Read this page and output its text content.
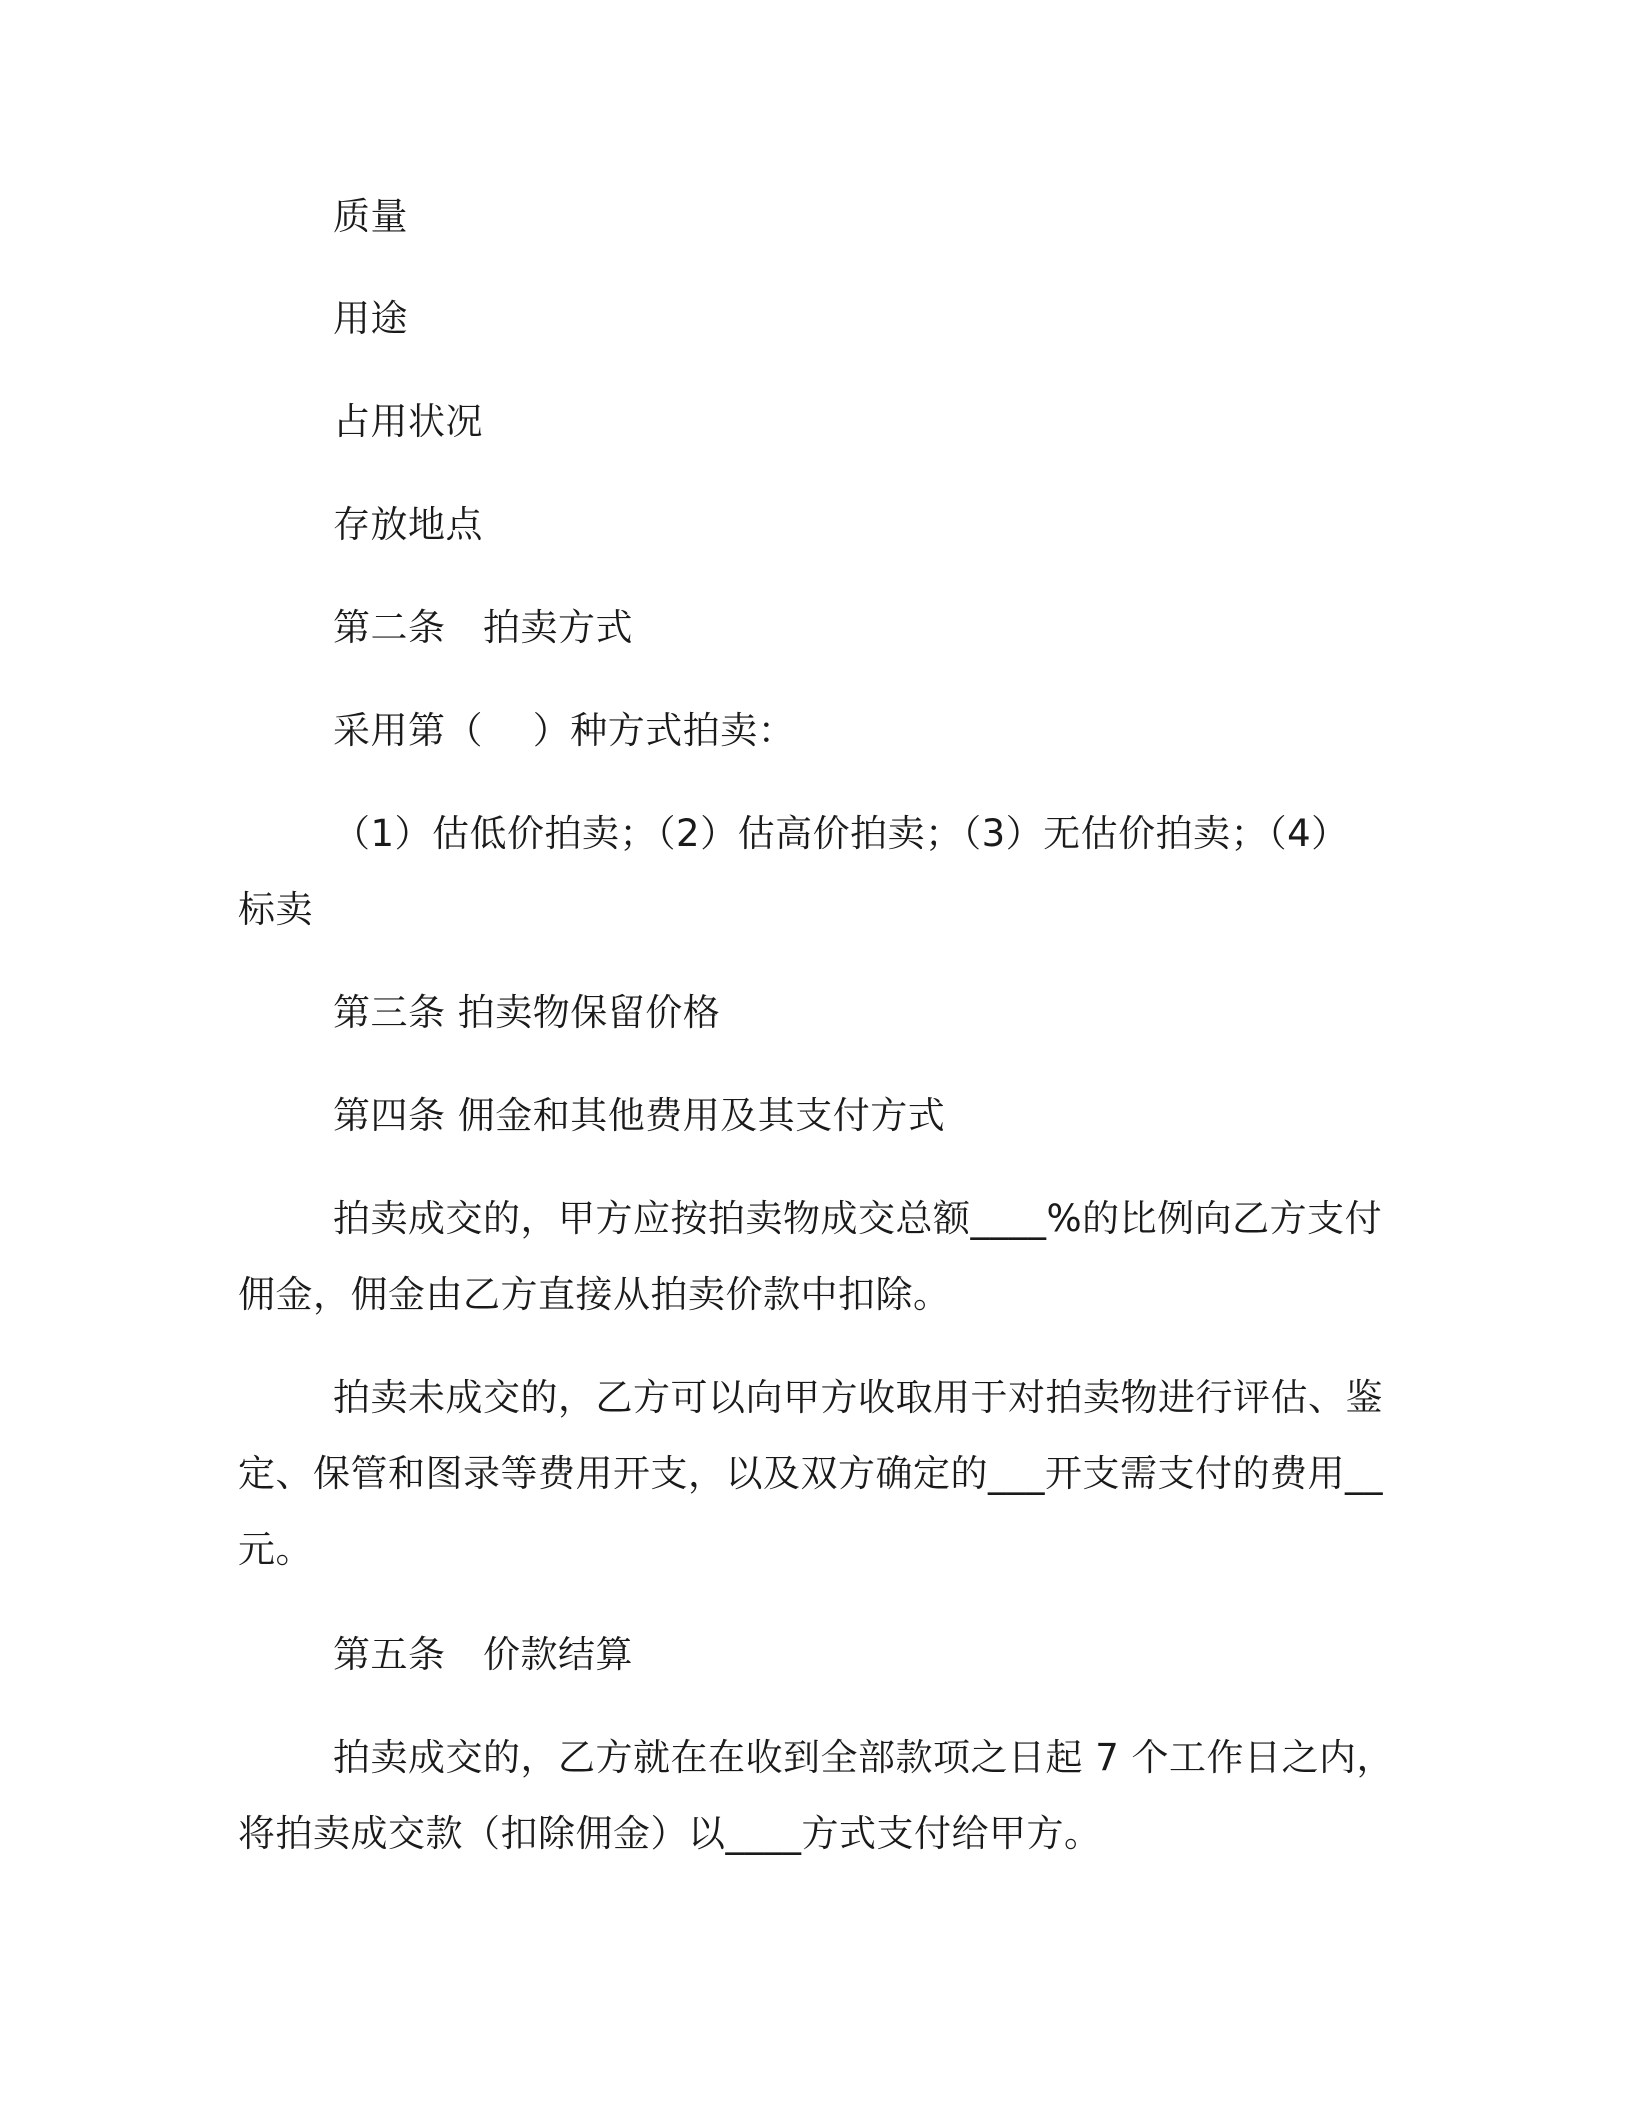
质量
用途
占用状况
存放地点
第二条　拍卖方式
采用第（　 ）种方式拍卖：
（1）估低价拍卖；（2）估高价拍卖；（3）无估价拍卖；（4）
标卖
第三条 拍卖物保留价格
第四条 佣金和其他费用及其支付方式
拍卖成交的，甲方应按拍卖物成交总额____%的比例向乙方支付
佣金，佣金由乙方直接从拍卖价款中扣除。
拍卖未成交的，乙方可以向甲方收取用于对拍卖物进行评估、鉴
定、保管和图录等费用开支，以及双方确定的___开支需支付的费用__
元。
第五条　价款结算
拍卖成交的，乙方就在在收到全部款项之日起 7 个工作日之内，
将拍卖成交款（扣除佣金）以____方式支付给甲方。
